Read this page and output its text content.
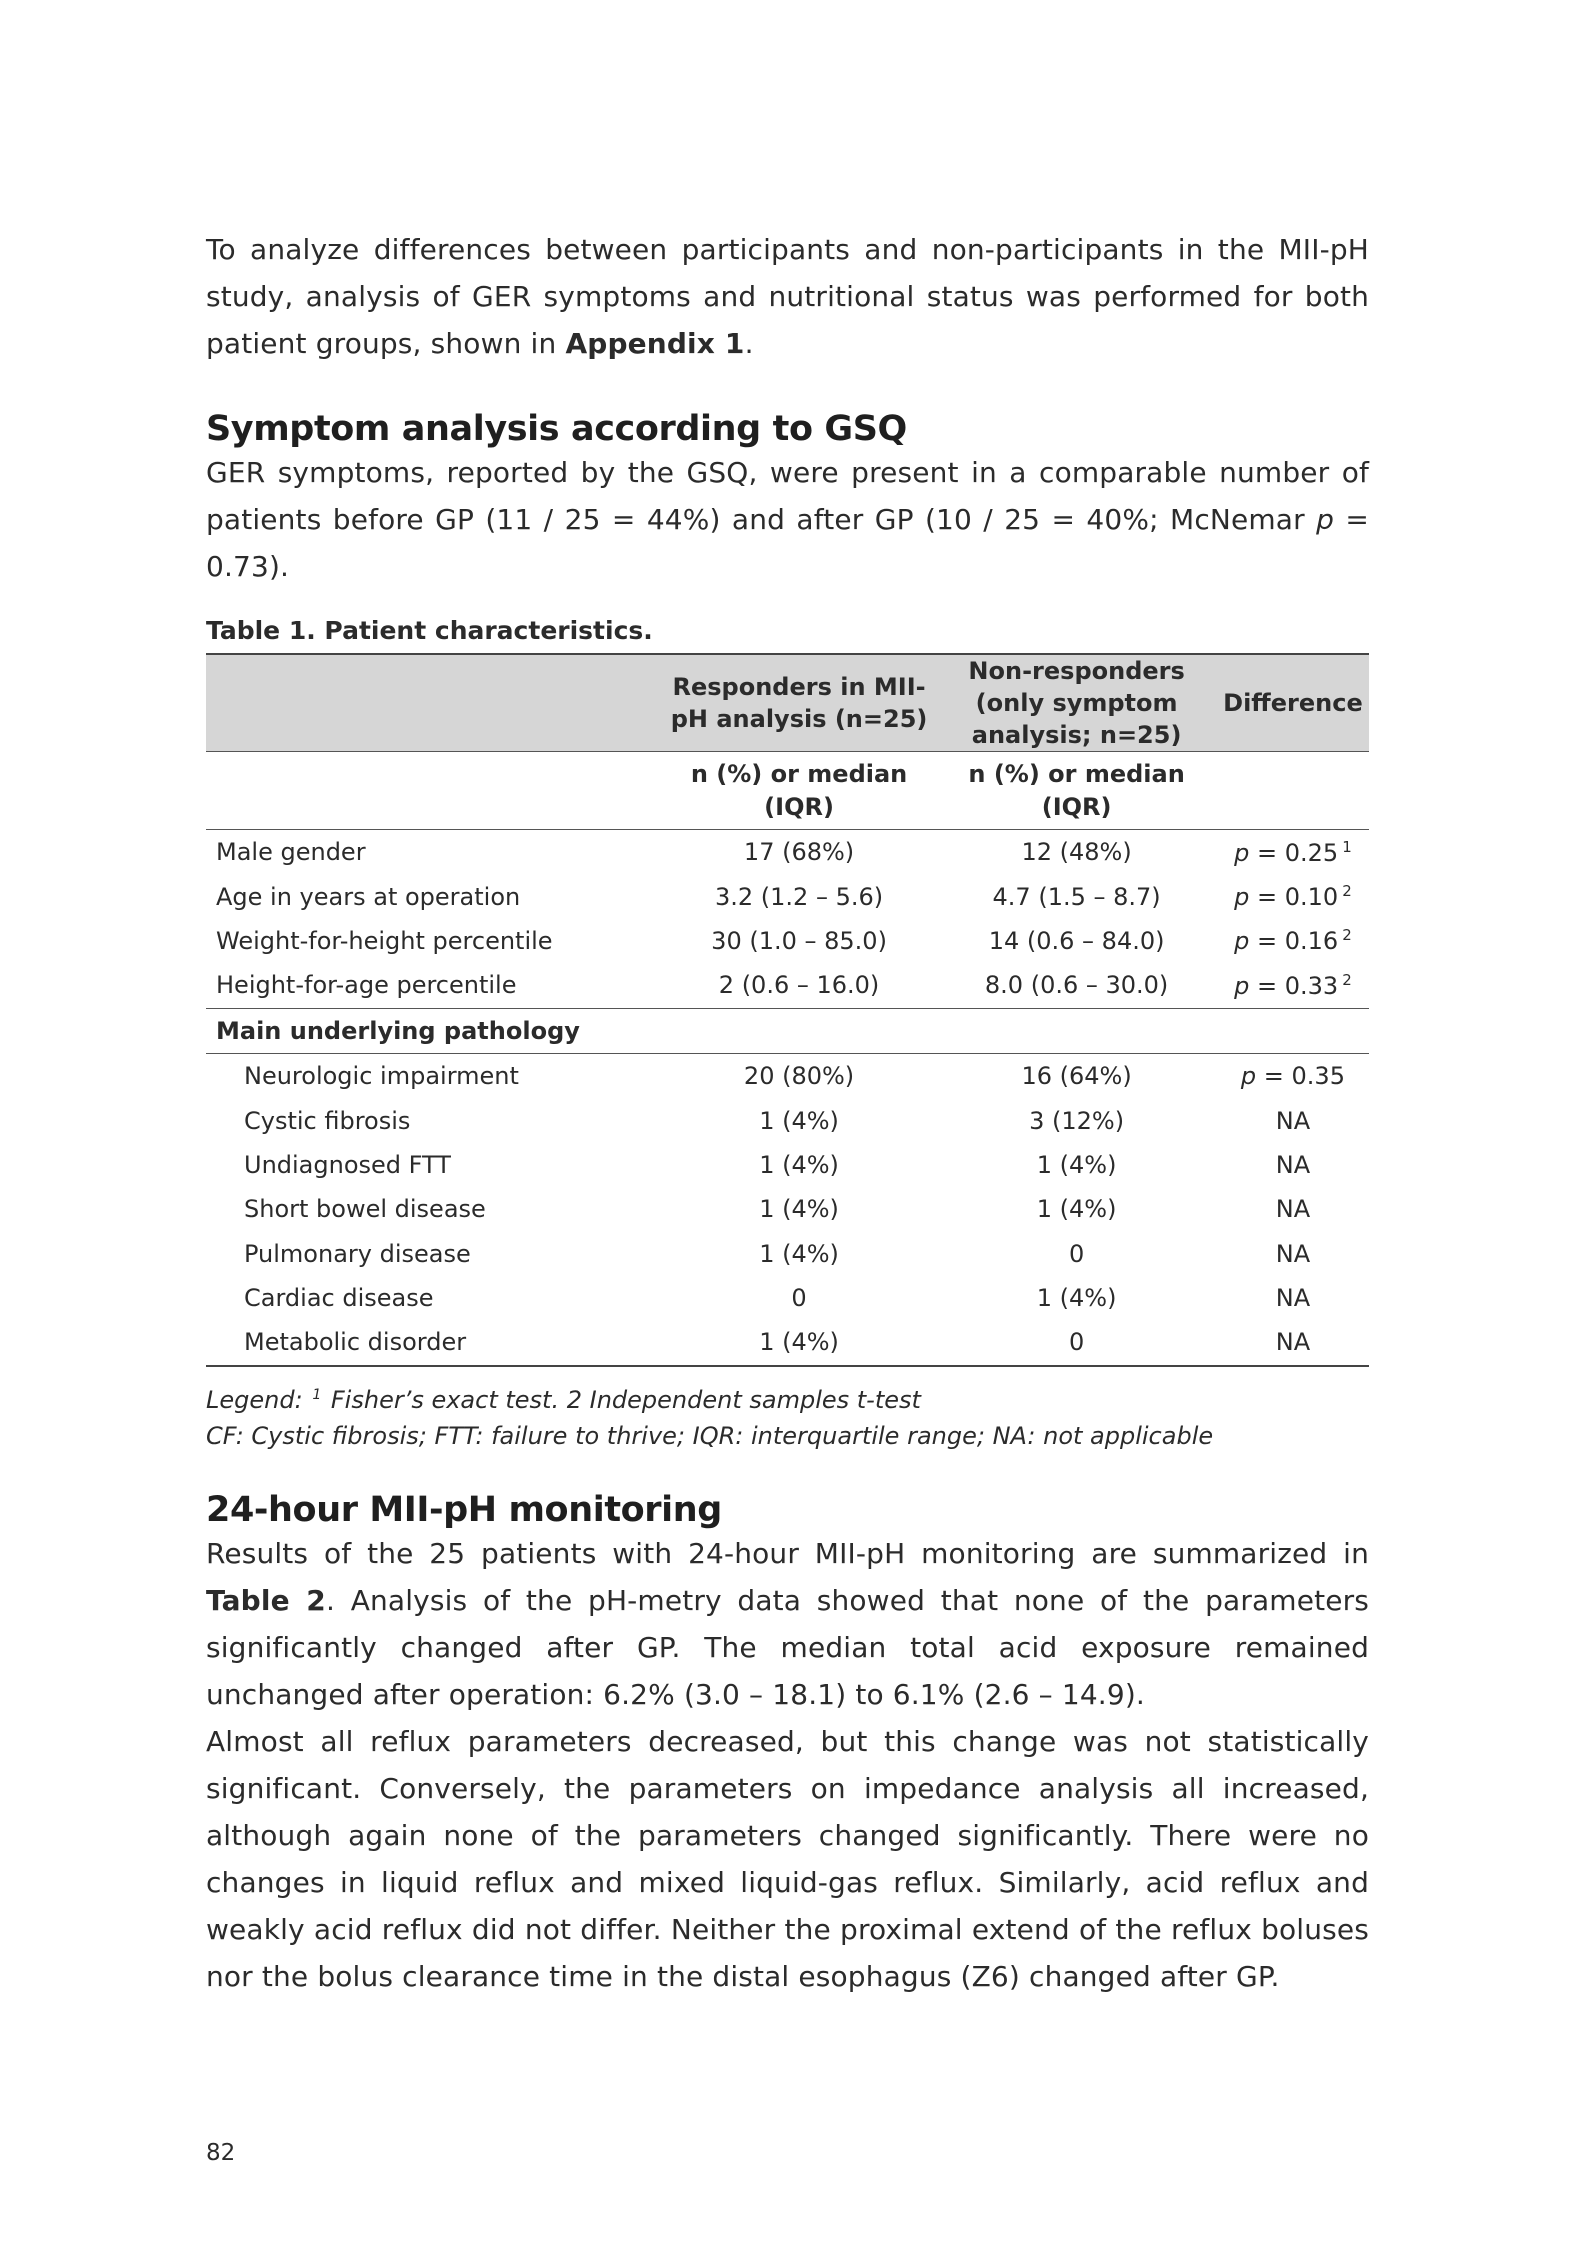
To analyze differences between participants and non-participants in the MII-pH study, analysis of GER symptoms and nutritional status was performed for both patient groups, shown in Appendix 1.

Symptom analysis according to GSQ

GER symptoms, reported by the GSQ, were present in a comparable number of patients before GP (11 / 25 = 44%) and after GP (10 / 25 = 40%; McNemar p = 0.73).

Table 1. Patient characteristics.
	Responders in MII-pH analysis (n=25)	Non-responders (only symptom analysis; n=25)	Difference
	n (%) or median (IQR)	n (%) or median (IQR)	
Male gender	17 (68%)	12 (48%)	p = 0.25 $^1$
Age in years at operation	3.2 (1.2 – 5.6)	4.7 (1.5 – 8.7)	p = 0.10 $^2$
Weight-for-height percentile	30 (1.0 – 85.0)	14 (0.6 – 84.0)	p = 0.16 $^2$
Height-for-age percentile	2 (0.6 – 16.0)	8.0 (0.6 – 30.0)	p = 0.33 $^2$
Main underlying pathology			
Neurologic impairment	20 (80%)	16 (64%)	p = 0.35
Cystic fibrosis	1 (4%)	3 (12%)	NA
Undiagnosed FTT	1 (4%)	1 (4%)	NA
Short bowel disease	1 (4%)	1 (4%)	NA
Pulmonary disease	1 (4%)	0	NA
Cardiac disease	0	1 (4%)	NA
Metabolic disorder	1 (4%)	0	NA
Legend: $^1$ Fisher’s exact test. 2 Independent samples t-test
CF: Cystic fibrosis; FTT: failure to thrive; IQR: interquartile range; NA: not applicable
24-hour MII-pH monitoring

Results of the 25 patients with 24-hour MII-pH monitoring are summarized in Table 2. Analysis of the pH-metry data showed that none of the parameters significantly changed after GP. The median total acid exposure remained unchanged after operation: 6.2% (3.0 – 18.1) to 6.1% (2.6 – 14.9).

Almost all reflux parameters decreased, but this change was not statistically significant. Conversely, the parameters on impedance analysis all increased, although again none of the parameters changed significantly. There were no changes in liquid reflux and mixed liquid-gas reflux. Similarly, acid reflux and weakly acid reflux did not differ. Neither the proximal extend of the reflux boluses nor the bolus clearance time in the distal esophagus (Z6) changed after GP.

82
